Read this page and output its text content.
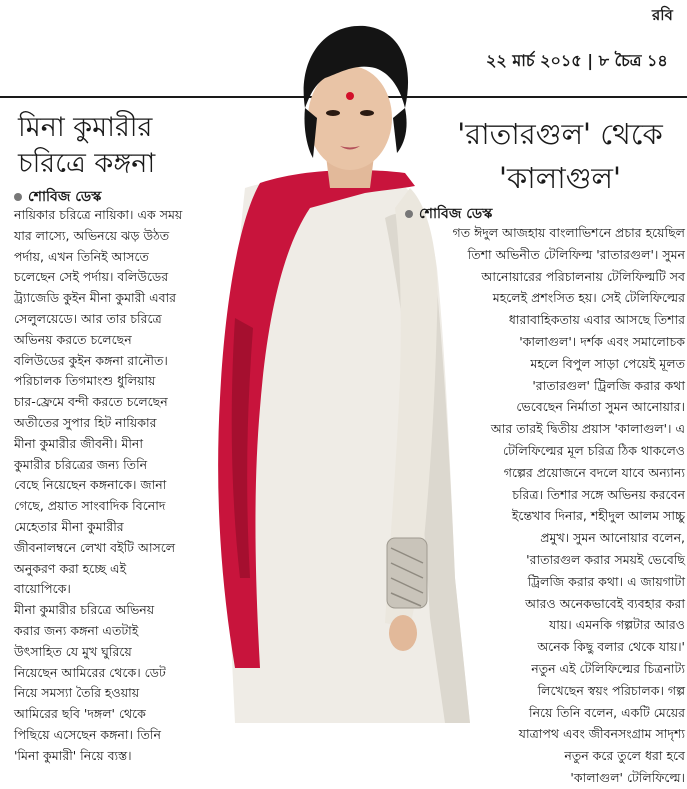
রবি
২২ মার্চ ২০১৫ | ৮ চৈত্র ১৪
মিনা কুমারীর
চরিত্রে কঙ্গনা
শোবিজ ডেস্ক
নায়িকার চরিত্রে নায়িকা। এক সময়
যার লাস্যে, অভিনয়ে ঝড় উঠত
পর্দায়, এখন তিনিই আসতে
চলেছেন সেই পর্দায়। বলিউডের
ট্র্যাজেডি কুইন মীনা কুমারী এবার
সেলুলয়েডে। আর তার চরিত্রে
অভিনয় করতে চলেছেন
বলিউডের কুইন কঙ্গনা রানৌত।
পরিচালক তিগমাংশু ধুলিয়ায়
চার-ফ্রেমে বন্দী করতে চলেছেন
অতীতের সুপার হিট নায়িকার
মীনা কুমারীর জীবনী। মীনা
কুমারীর চরিত্রের জন্য তিনি
বেছে নিয়েছেন কঙ্গনাকে। জানা
গেছে, প্রয়াত সাংবাদিক বিনোদ
মেহেতার মীনা কুমারীর
জীবনালম্বনে লেখা বইটি আসলে
অনুকরণ করা হচ্ছে এই
বায়োপিকে।
মীনা কুমারীর চরিত্রে অভিনয়
করার জন্য কঙ্গনা এতটাই
উৎসাহিত যে মুখ ঘুরিয়ে
নিয়েছেন আমিরের থেকে। ডেট
নিয়ে সমস্যা তৈরি হওয়ায়
আমিরের ছবি 'দঙ্গল' থেকে
পিছিয়ে এসেছেন কঙ্গনা। তিনি
'মিনা কুমারী' নিয়ে ব্যস্ত।
'রাতারগুল' থেকে
'কালাগুল'
শোবিজ ডেস্ক
গত ঈদুল আজহায় বাংলাভিশনে প্রচার হয়েছিল
তিশা অভিনীত টেলিফিল্ম 'রাতারগুল'। সুমন
আনোয়ারের পরিচালনায় টেলিফিল্মটি সব
মহলেই প্রশংসিত হয়। সেই টেলিফিল্মের
ধারাবাহিকতায় এবার আসছে তিশার
'কালাগুল'। দর্শক এবং সমালোচক
মহলে বিপুল সাড়া পেয়েই মূলত
'রাতারগুল' ট্রিলজি করার কথা
ভেবেছেন নির্মাতা সুমন আনোয়ার।
আর তারই দ্বিতীয় প্রয়াস 'কালাগুল'। এ
টেলিফিল্মের মূল চরিত্র ঠিক থাকলেও
গল্পের প্রয়োজনে বদলে যাবে অন্যান্য
চরিত্র। তিশার সঙ্গে অভিনয় করবেন
ইন্তেখাব দিনার, শহীদুল আলম সাচ্চু
প্রমুখ। সুমন আনোয়ার বলেন,
'রাতারগুল করার সময়ই ভেবেছি
ট্রিলজি করার কথা। এ জায়গাটা
আরও অনেকভাবেই ব্যবহার করা
যায়। এমনকি গল্পটার আরও
অনেক কিছু বলার থেকে যায়।'
নতুন এই টেলিফিল্মের চিত্রনাট্য
লিখেছেন স্বয়ং পরিচালক। গল্প
নিয়ে তিনি বলেন, একটি মেয়ের
যাত্রাপথ এবং জীবনসংগ্রাম সাদৃশ্য
নতুন করে তুলে ধরা হবে
'কালাগুল' টেলিফিল্মে।
